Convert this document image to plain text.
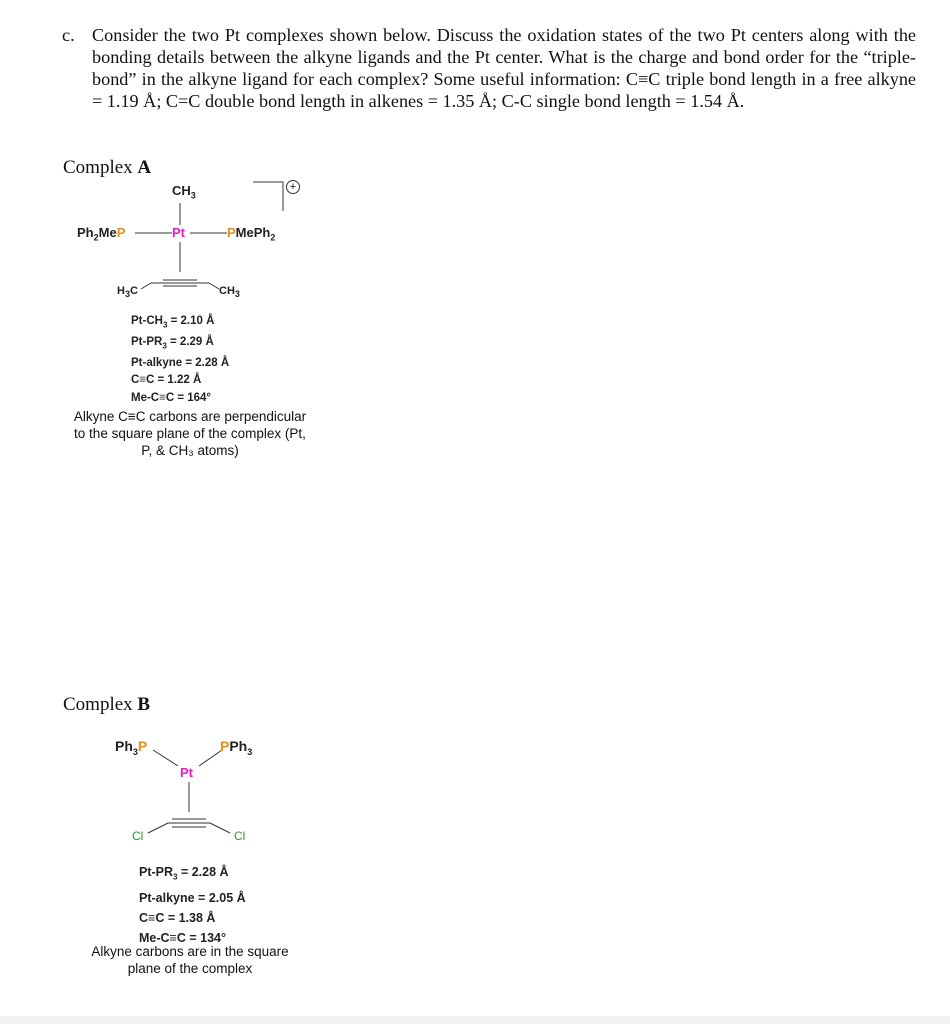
c. Consider the two Pt complexes shown below. Discuss the oxidation states of the two Pt centers along with the bonding details between the alkyne ligands and the Pt center. What is the charge and bond order for the “triple-bond” in the alkyne ligand for each complex? Some useful information: C≡C triple bond length in a free alkyne = 1.19 Å; C=C double bond length in alkenes = 1.35 Å; C-C single bond length = 1.54 Å.
Complex A
$CH_3$
$Ph_2MeP$	Pt	PMePh$_2$
$H_3C$	$CH_3$
+
$Pt-CH_3 = 2.10$ Å
$Pt-PR_3 = 2.29$ Å
Pt-alkyne = 2.28 Å
C≡C = 1.22 Å
Me-C≡C = 164°
Alkyne C≡C carbons are perpendicular
to the square plane of the complex (Pt,
P, & CH₃ atoms)
Complex B
$Ph_3P$	PPh$_3$
Pt
Cl	Cl
$Pt-PR_3 = 2.28$ Å
Pt-alkyne = 2.05 Å
C≡C = 1.38 Å
Me-C≡C = 134°
Alkyne carbons are in the square
plane of the complex
